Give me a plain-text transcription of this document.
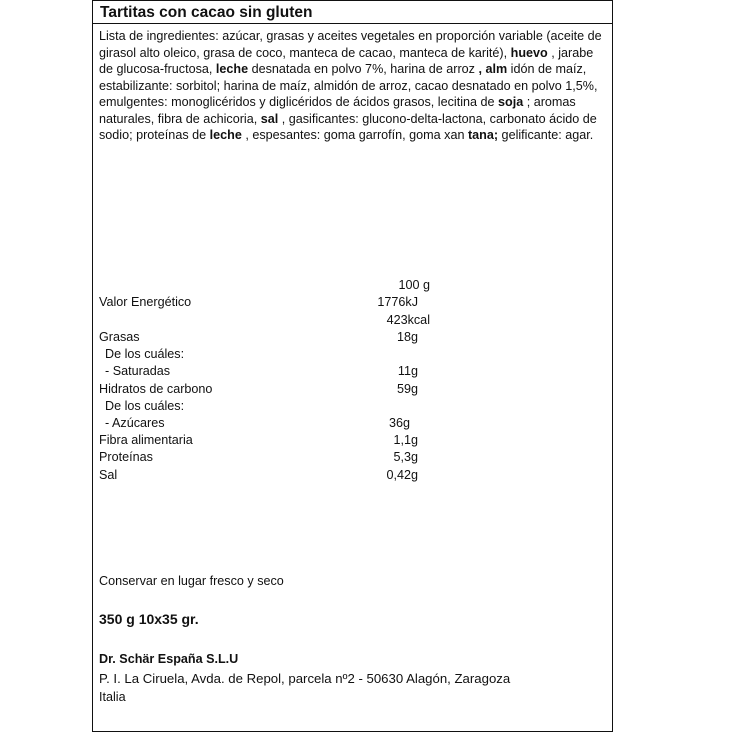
Tartitas con cacao sin gluten
Lista de ingredientes: azúcar, grasas y aceites vegetales en proporción variable (aceite de girasol alto oleico, grasa de coco, manteca de cacao, manteca de karité), huevo , jarabe de glucosa-fructosa, leche desnatada en polvo 7%, harina de arroz , alm idón de maíz, estabilizante: sorbitol; harina de maíz, almidón de arroz, cacao desnatado en polvo 1,5%, emulgentes: monoglicéridos y diglicéridos de ácidos grasos, lecitina de soja ; aromas naturales, fibra de achicoria, sal , gasificantes: glucono-delta-lactona, carbonato ácido de sodio; proteínas de leche , espesantes: goma garrofín, goma xan tana; gelificante: agar.
100 g
Valor Energético	1776kJ
423kcal
Grasas	18g
De los cuáles:
- Saturadas	11g
Hidratos de carbono	59g
De los cuáles:
- Azúcares	36g
Fibra alimentaria	1,1g
Proteínas	5,3g
Sal	0,42g
Conservar en lugar fresco y seco
350 g 10x35 gr.
Dr. Schär España S.L.U
P. I. La Ciruela, Avda. de Repol, parcela nº2 - 50630 Alagón, Zaragoza
Italia
